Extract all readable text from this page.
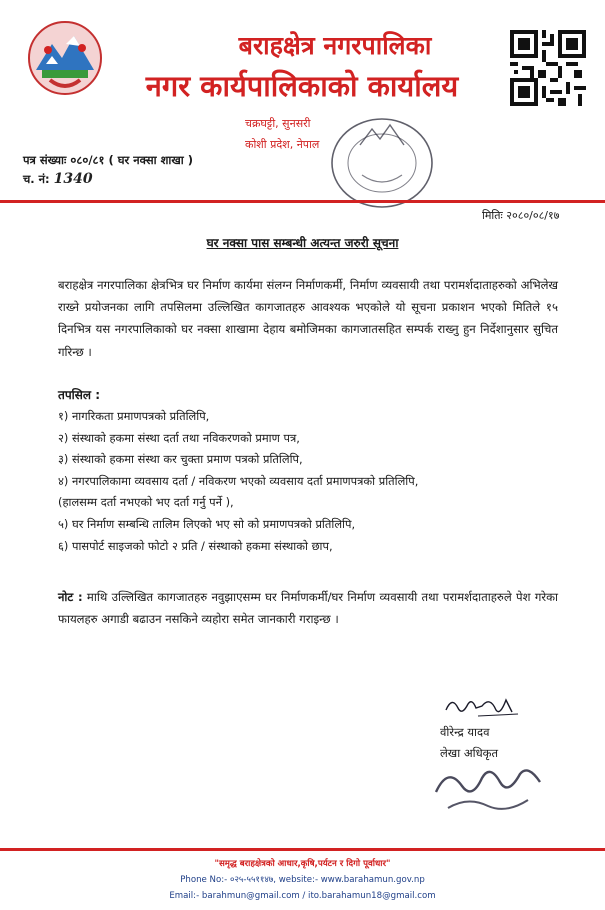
बराहक्षेत्र नगरपालिका
नगर कार्यपालिकाको कार्यालय
चक्रघट्टी, सुनसरी
कोशी प्रदेश, नेपाल
पत्र संख्याः ०८०/८१ ( घर नक्सा शाखा )
च. नं: 1340
मितिः २०८०/०८/१७
घर नक्सा पास सम्बन्धी अत्यन्त जरुरी सूचना
बराहक्षेत्र नगरपालिका क्षेत्रभित्र घर निर्माण कार्यमा संलग्न निर्माणकर्मी, निर्माण व्यवसायी तथा परामर्शदाताहरुको अभिलेख राख्ने प्रयोजनका लागि तपसिलमा उल्लिखित कागजातहरु आवश्यक भएकोले यो सूचना प्रकाशन भएको मितिले १५ दिनभित्र यस नगरपालिकाको घर नक्सा शाखामा देहाय बमोजिमका कागजातसहित सम्पर्क राख्नु हुन निर्देशानुसार सुचित गरिन्छ ।
तपसिल :
१) नागरिकता प्रमाणपत्रको प्रतिलिपि,
२) संस्थाको हकमा संस्था दर्ता तथा नविकरणको प्रमाण पत्र,
३) संस्थाको हकमा संस्था कर चुक्ता प्रमाण पत्रको प्रतिलिपि,
४) नगरपालिकामा व्यवसाय दर्ता / नविकरण भएको व्यवसाय दर्ता प्रमाणपत्रको प्रतिलिपि,
(हालसम्म दर्ता नभएको भए दर्ता गर्नु पर्ने ),
५) घर निर्माण सम्बन्धि तालिम लिएको भए सो को प्रमाणपत्रको प्रतिलिपि,
६) पासपोर्ट साइजको फोटो २ प्रति / संस्थाको हकमा संस्थाको छाप,
नोट : माथि उल्लिखित कागजातहरु नवुझाएसम्म घर निर्माणकर्मी/घर निर्माण व्यवसायी तथा परामर्शदाताहरुले पेश गरेका फायलहरु अगाडी बढाउन नसकिने व्यहोरा समेत जानकारी गराइन्छ ।
वीरेन्द्र यादव
लेखा अधिकृत
"समृद्ध बराहक्षेत्रको आधार,कृषि,पर्यटन र दिगो पूर्वाधार"
Phone No:- ०२५-५५११४७, website:- www.barahamun.gov.np
Email:- barahmun@gmail.com / ito.barahamun18@gmail.com
